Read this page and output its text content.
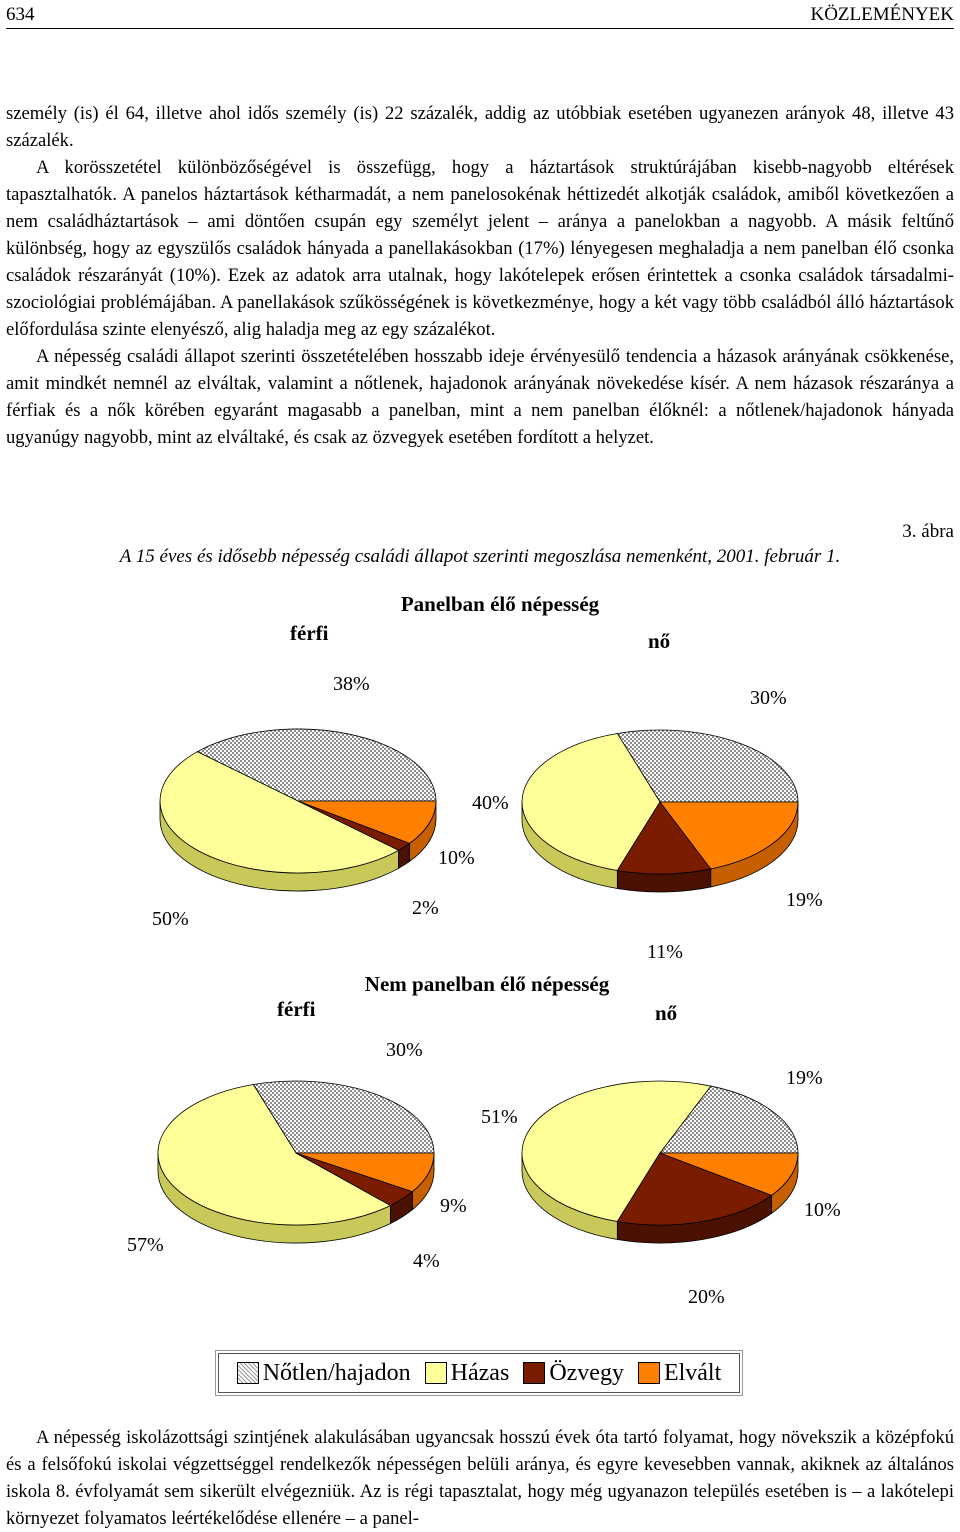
634	KÖZLEMÉNYEK

személy (is) él 64, illetve ahol idős személy (is) 22 százalék, addig az utóbbiak esetében ugyanezen arányok 48, illetve 43 százalék.

A korösszetétel különbözőségével is összefügg, hogy a háztartások struktúrájában kisebb-nagyobb eltérések tapasztalhatók. A panelos háztartások kétharmadát, a nem panelosokénak héttizedét alkotják családok, amiből következően a nem családháztartások – ami döntően csupán egy személyt jelent – aránya a panelokban a nagyobb. A másik feltűnő különbség, hogy az egyszülős családok hányada a panellakásokban (17%) lényegesen meghaladja a nem panelban élő csonka családok részarányát (10%). Ezek az adatok arra utalnak, hogy lakótelepek erősen érintettek a csonka családok társadalmi-szociológiai problémájában. A panellakások szűkösségének is következménye, hogy a két vagy több családból álló háztartások előfordulása szinte elenyésző, alig haladja meg az egy százalékot.

A népesség családi állapot szerinti összetételében hosszabb ideje érvényesülő tendencia a házasok arányának csökkenése, amit mindkét nemnél az elváltak, valamint a nőtlenek, hajadonok arányának növekedése kísér. A nem házasok részaránya a férfiak és a nők körében egyaránt magasabb a panelban, mint a nem panelban élőknél: a nőtlenek/hajadonok hányada ugyanúgy nagyobb, mint az elváltaké, és csak az özvegyek esetében fordított a helyzet.

3. ábra
A 15 éves és idősebb népesség családi állapot szerinti megoszlása nemenként, 2001. február 1.
Panelban élő népesség
férfi	nő
Nem panelban élő népesség
férfi	nő
38%
50%	2%
10%
30%
40%
11%
19%
30%
57%
4%
9%
19%
51%
20%
10%
Nőtlen/hajadon Házas Özvegy Elvált

A népesség iskolázottsági szintjének alakulásában ugyancsak hosszú évek óta tartó folyamat, hogy növekszik a középfokú és a felsőfokú iskolai végzettséggel rendelkezők népességen belüli aránya, és egyre kevesebben vannak, akiknek az általános iskola 8. évfolyamát sem sikerült elvégezniük. Az is régi tapasztalat, hogy még ugyanazon település esetében is – a lakótelepi környezet folyamatos leértékelődése ellenére – a panel-
